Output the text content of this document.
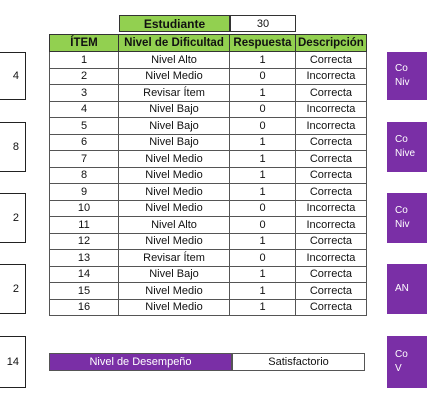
4
8
2
2
14
Co
Niv
Co
Nive
Co
Niv
AN
Co
V
Estudiante	30
ÍTEM	Nivel de Dificultad	Respuesta	Descripción
1	Nivel Alto	1	Correcta
2	Nivel Medio	0	Incorrecta
3	Revisar Ítem	1	Correcta
4	Nivel Bajo	0	Incorrecta
5	Nivel Bajo	0	Incorrecta
6	Nivel Bajo	1	Correcta
7	Nivel Medio	1	Correcta
8	Nivel Medio	1	Correcta
9	Nivel Medio	1	Correcta
10	Nivel Medio	0	Incorrecta
11	Nivel Alto	0	Incorrecta
12	Nivel Medio	1	Correcta
13	Revisar Ítem	0	Incorrecta
14	Nivel Bajo	1	Correcta
15	Nivel Medio	1	Correcta
16	Nivel Medio	1	Correcta
Nivel de Desempeño	Satisfactorio
